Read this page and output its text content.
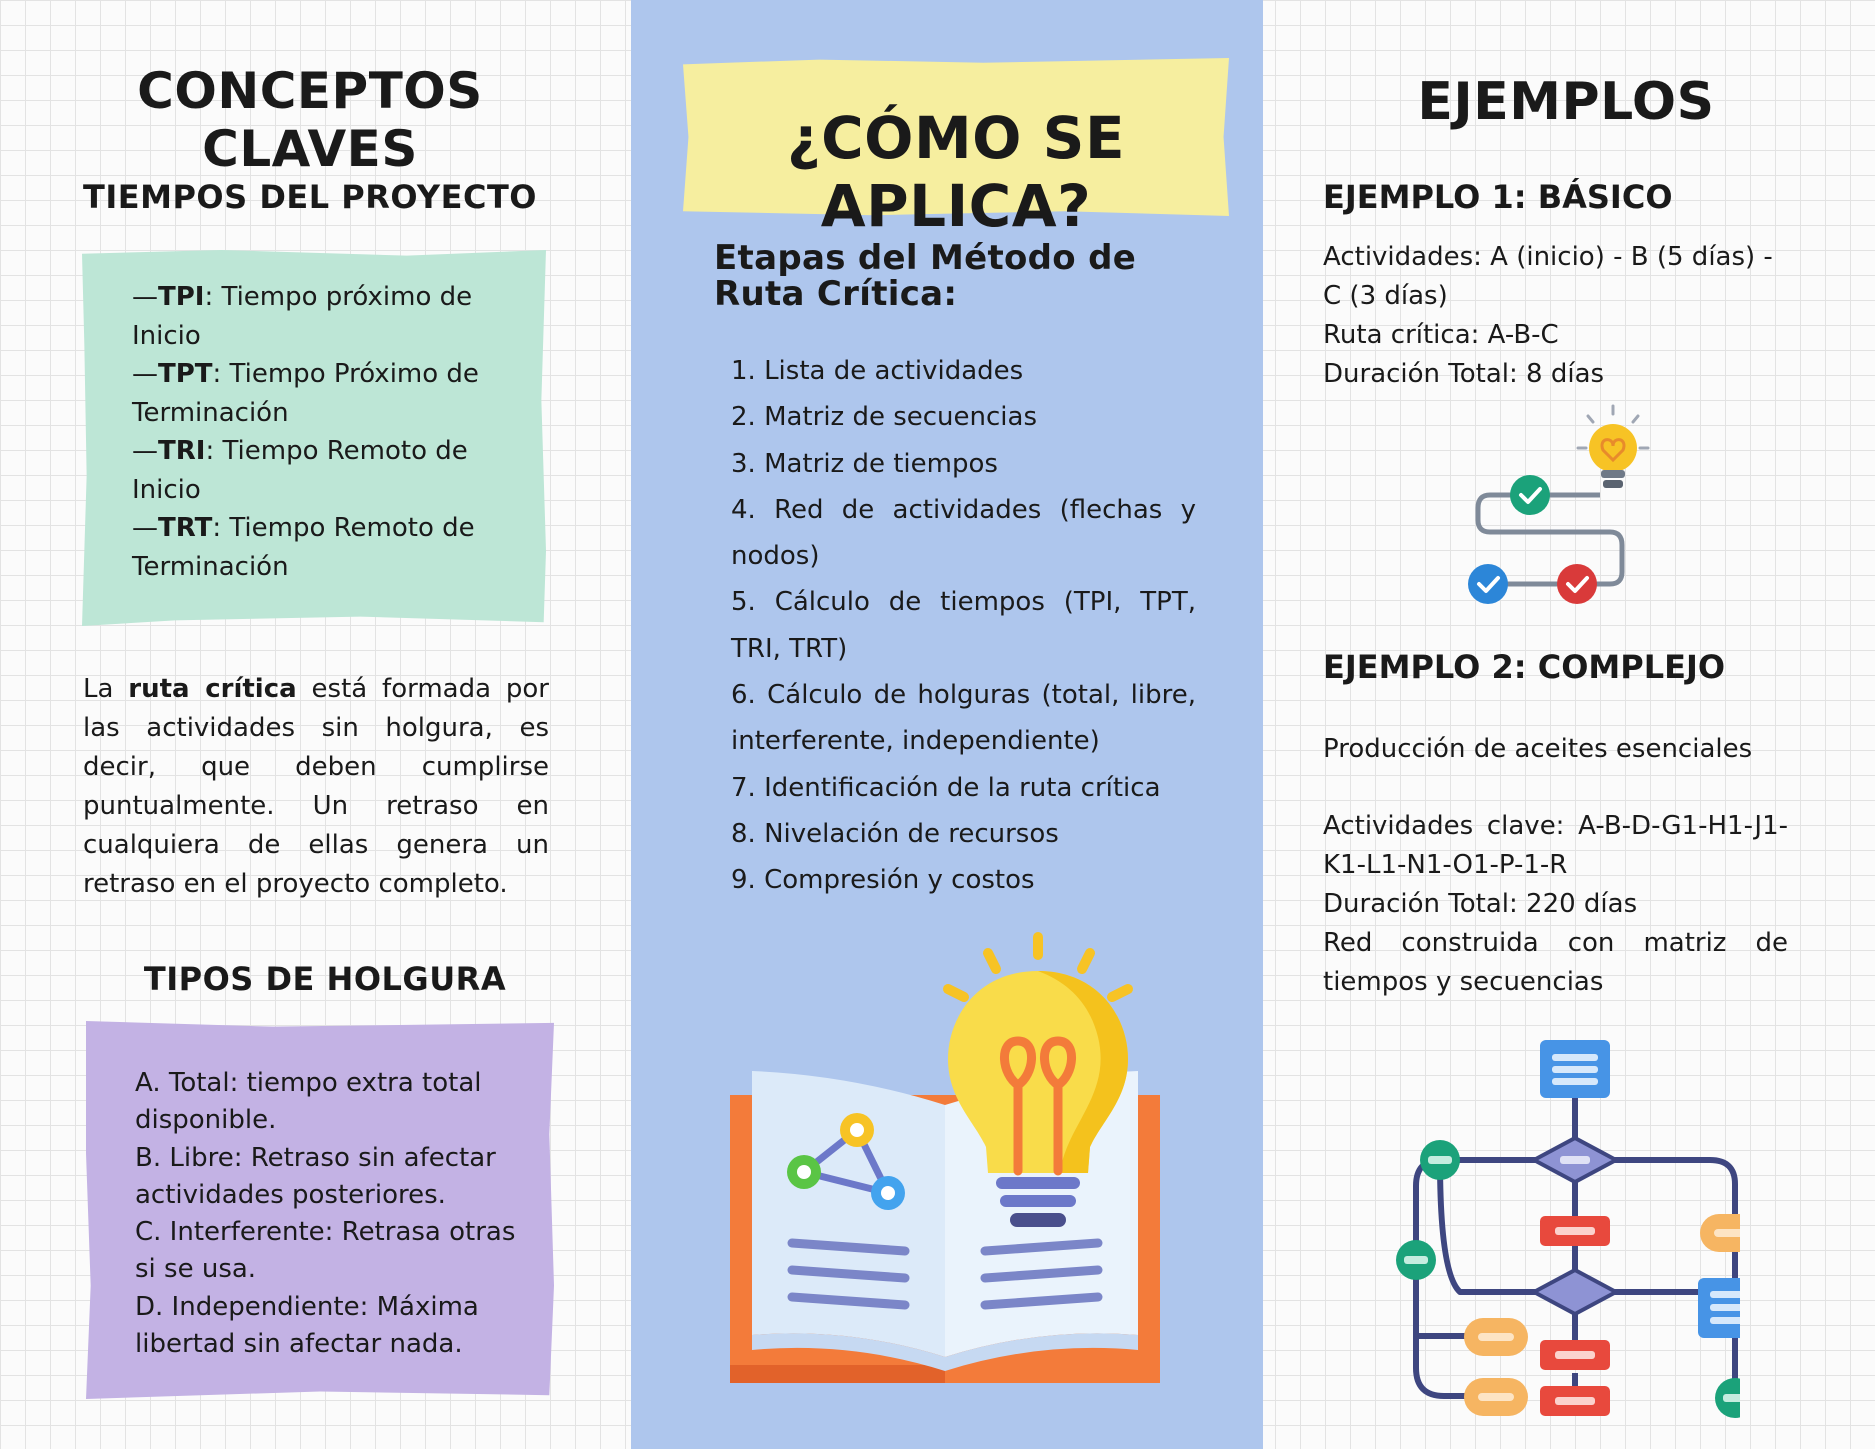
CONCEPTOS CLAVES
TIEMPOS DEL PROYECTO
—TPI: Tiempo próximo de
Inicio
—TPT: Tiempo Próximo de
Terminación
—TRI: Tiempo Remoto de
Inicio
—TRT: Tiempo Remoto de
Terminación

La ruta crítica está formada por las actividades sin holgura, es decir, que deben cumplirse puntualmente. Un retraso en cualquiera de ellas genera un retraso en el proyecto completo.

TIPOS DE HOLGURA
A. Total: tiempo extra total
disponible.
B. Libre: Retraso sin afectar
actividades posteriores.
C. Interferente: Retrasa otras
si se usa.
D. Independiente: Máxima
libertad sin afectar nada.
¿CÓMO SE APLICA?
Etapas del Método de Ruta Crítica:
1. Lista de actividades
2. Matriz de secuencias
3. Matriz de tiempos
4. Red de actividades (flechas y nodos)
5. Cálculo de tiempos (TPI, TPT, TRI, TRT)
6. Cálculo de holguras (total, libre, interferente, independiente)
7. Identificación de la ruta crítica
8. Nivelación de recursos
9. Compresión y costos
EJEMPLOS
EJEMPLO 1: BÁSICO
Actividades: A (inicio) - B (5 días) - C (3 días)
Ruta crítica: A-B-C
Duración Total: 8 días
EJEMPLO 2: COMPLEJO
Producción de aceites esenciales
Actividades clave: A-B-D-G1-H1-J1-
K1-L1-N1-O1-P-1-R
Duración Total: 220 días
Red construida con matriz de tiempos y secuencias
